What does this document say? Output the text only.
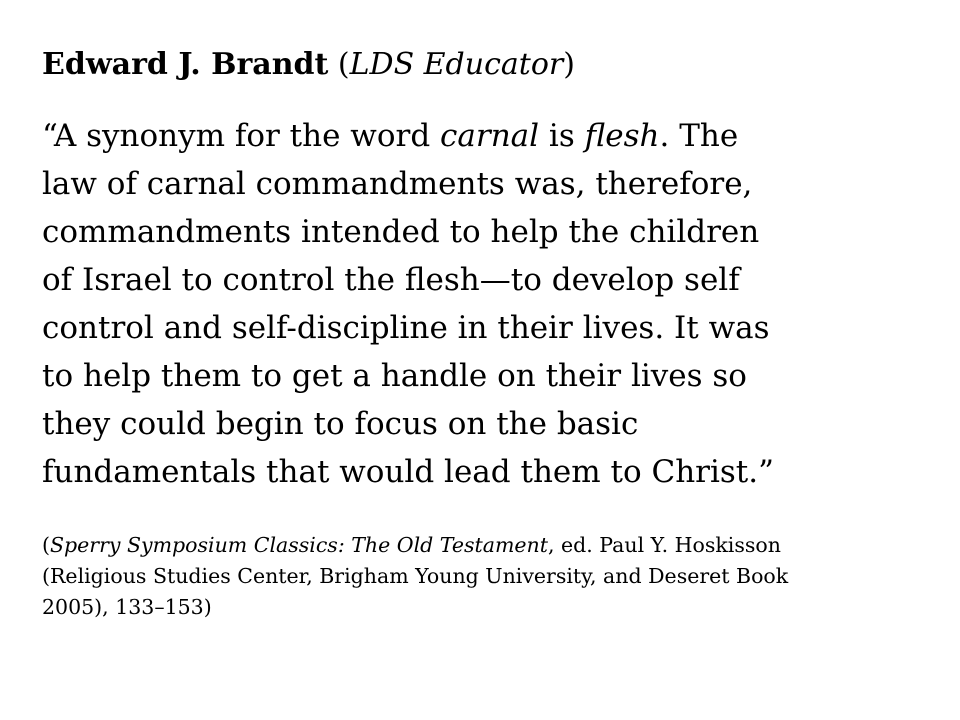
Edward J. Brandt (LDS Educator)
“A synonym for the word carnal is flesh. The
law of carnal commandments was, therefore,
commandments intended to help the children
of Israel to control the flesh—to develop self
control and self-discipline in their lives. It was
to help them to get a handle on their lives so
they could begin to focus on the basic
fundamentals that would lead them to Christ.”
(Sperry Symposium Classics: The Old Testament, ed. Paul Y. Hoskisson
(Religious Studies Center, Brigham Young University, and Deseret Book
2005), 133–153)
